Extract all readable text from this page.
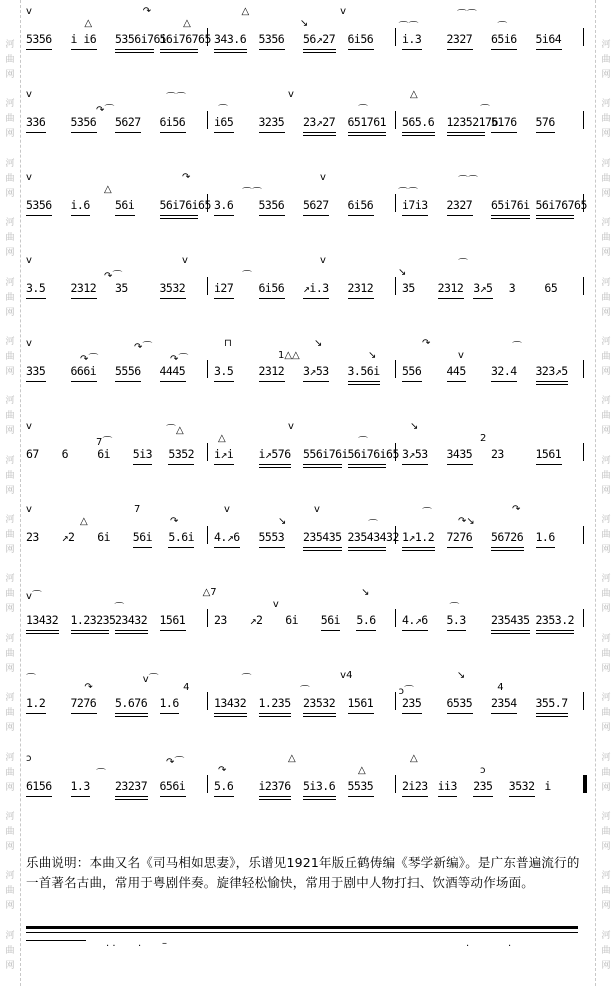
河
曲
网
河
曲
网
河
曲
网
河
曲
网
河
曲
网
河
曲
网
河
曲
网
河
曲
网
河
曲
网
河
曲
网
河
曲
网
河
曲
网
河
曲
网
河
曲
网
河
曲
网
河
曲
网
河
曲
网
河
曲
网
河
曲
网
河
曲
网
河
曲
网
河
曲
网
河
曲
网
河
曲
网
河
曲
网
河
曲
网
河
曲
网
河
曲
网
河
曲
网
河
曲
网
河
曲
网
河
曲
网
v
△
↷
△
△
↘
v
⌒⌒
⌒⌒
⌒
5356 i i6 5356i76i
56i76765 343.6 5356 56↗27 6i56	i.3 2327 65i6 5i64
v
↷⌒
⌒⌒
⌒
v
⌒
△
⌒
336 5356 5627 6i56	i65 3235 23↗27 651761 565.6 12352176
5176 576
v
△
↷
⌒⌒
v
⌒⌒
⌒⌒
5356 i.6 56i 56i76i65 3.6 5356 5627 6i56	i7i3 2327 65i76i 56i76765
v
↷⌒
v
⌒
v
↘
⌒
3.5 2312 35	3532	i27 6i56 ↗i.3 2312	35 2312 3↗5 3	65
v
↷⌒
↷⌒
↷⌒
⊓
1△△
↘
↘
↷
v
⌒
335 666i 5556 4445	3.5 2312 3↗53 3.56i 556 445 32.4 323↗5
v
7⌒
⌒△
△
v
⌒
↘
2
67 6	6i 5i3 5352 i↗i i↗576 556i76i 56i76i65 3↗53 3435 23	1561
v
△
7
↷
v
↘
v
⌒
⌒
↷↘
↷
23 ↗2 6i 56i 5.6i 4.↗6 5553 235435 23543432 1↗1.2 7276 56726 1.6
v⌒
⌒
△7
v
↘
⌒
13432 1.23235 23432 1561	23 ↗2 6i 56i 5.6 4.↗6 5.3 235435 2353.2
⌒
↷
v⌒
4
⌒
⌒
v4
ↄ⌒
↘
4
1.2 7276 5.676 1.6	13432 1.235 23532 1561	235 6535 2354 355.7
ↄ
⌒
↷⌒
↷
△
△
△
ↄ
6156 1.3 23237 656i	5.6 i2376 5i3.6 5535	2i23 ii3 235 3532 i

乐曲说明：本曲又名《司马相如思妻》，乐谱见1921年版丘鹤俦编《琴学新编》。是广东普遍流行的一首著名古曲，常用于粤剧伴奏。旋律轻松愉快，常用于剧中人物打扫、饮酒等动作场面。

. . . –	.	.
